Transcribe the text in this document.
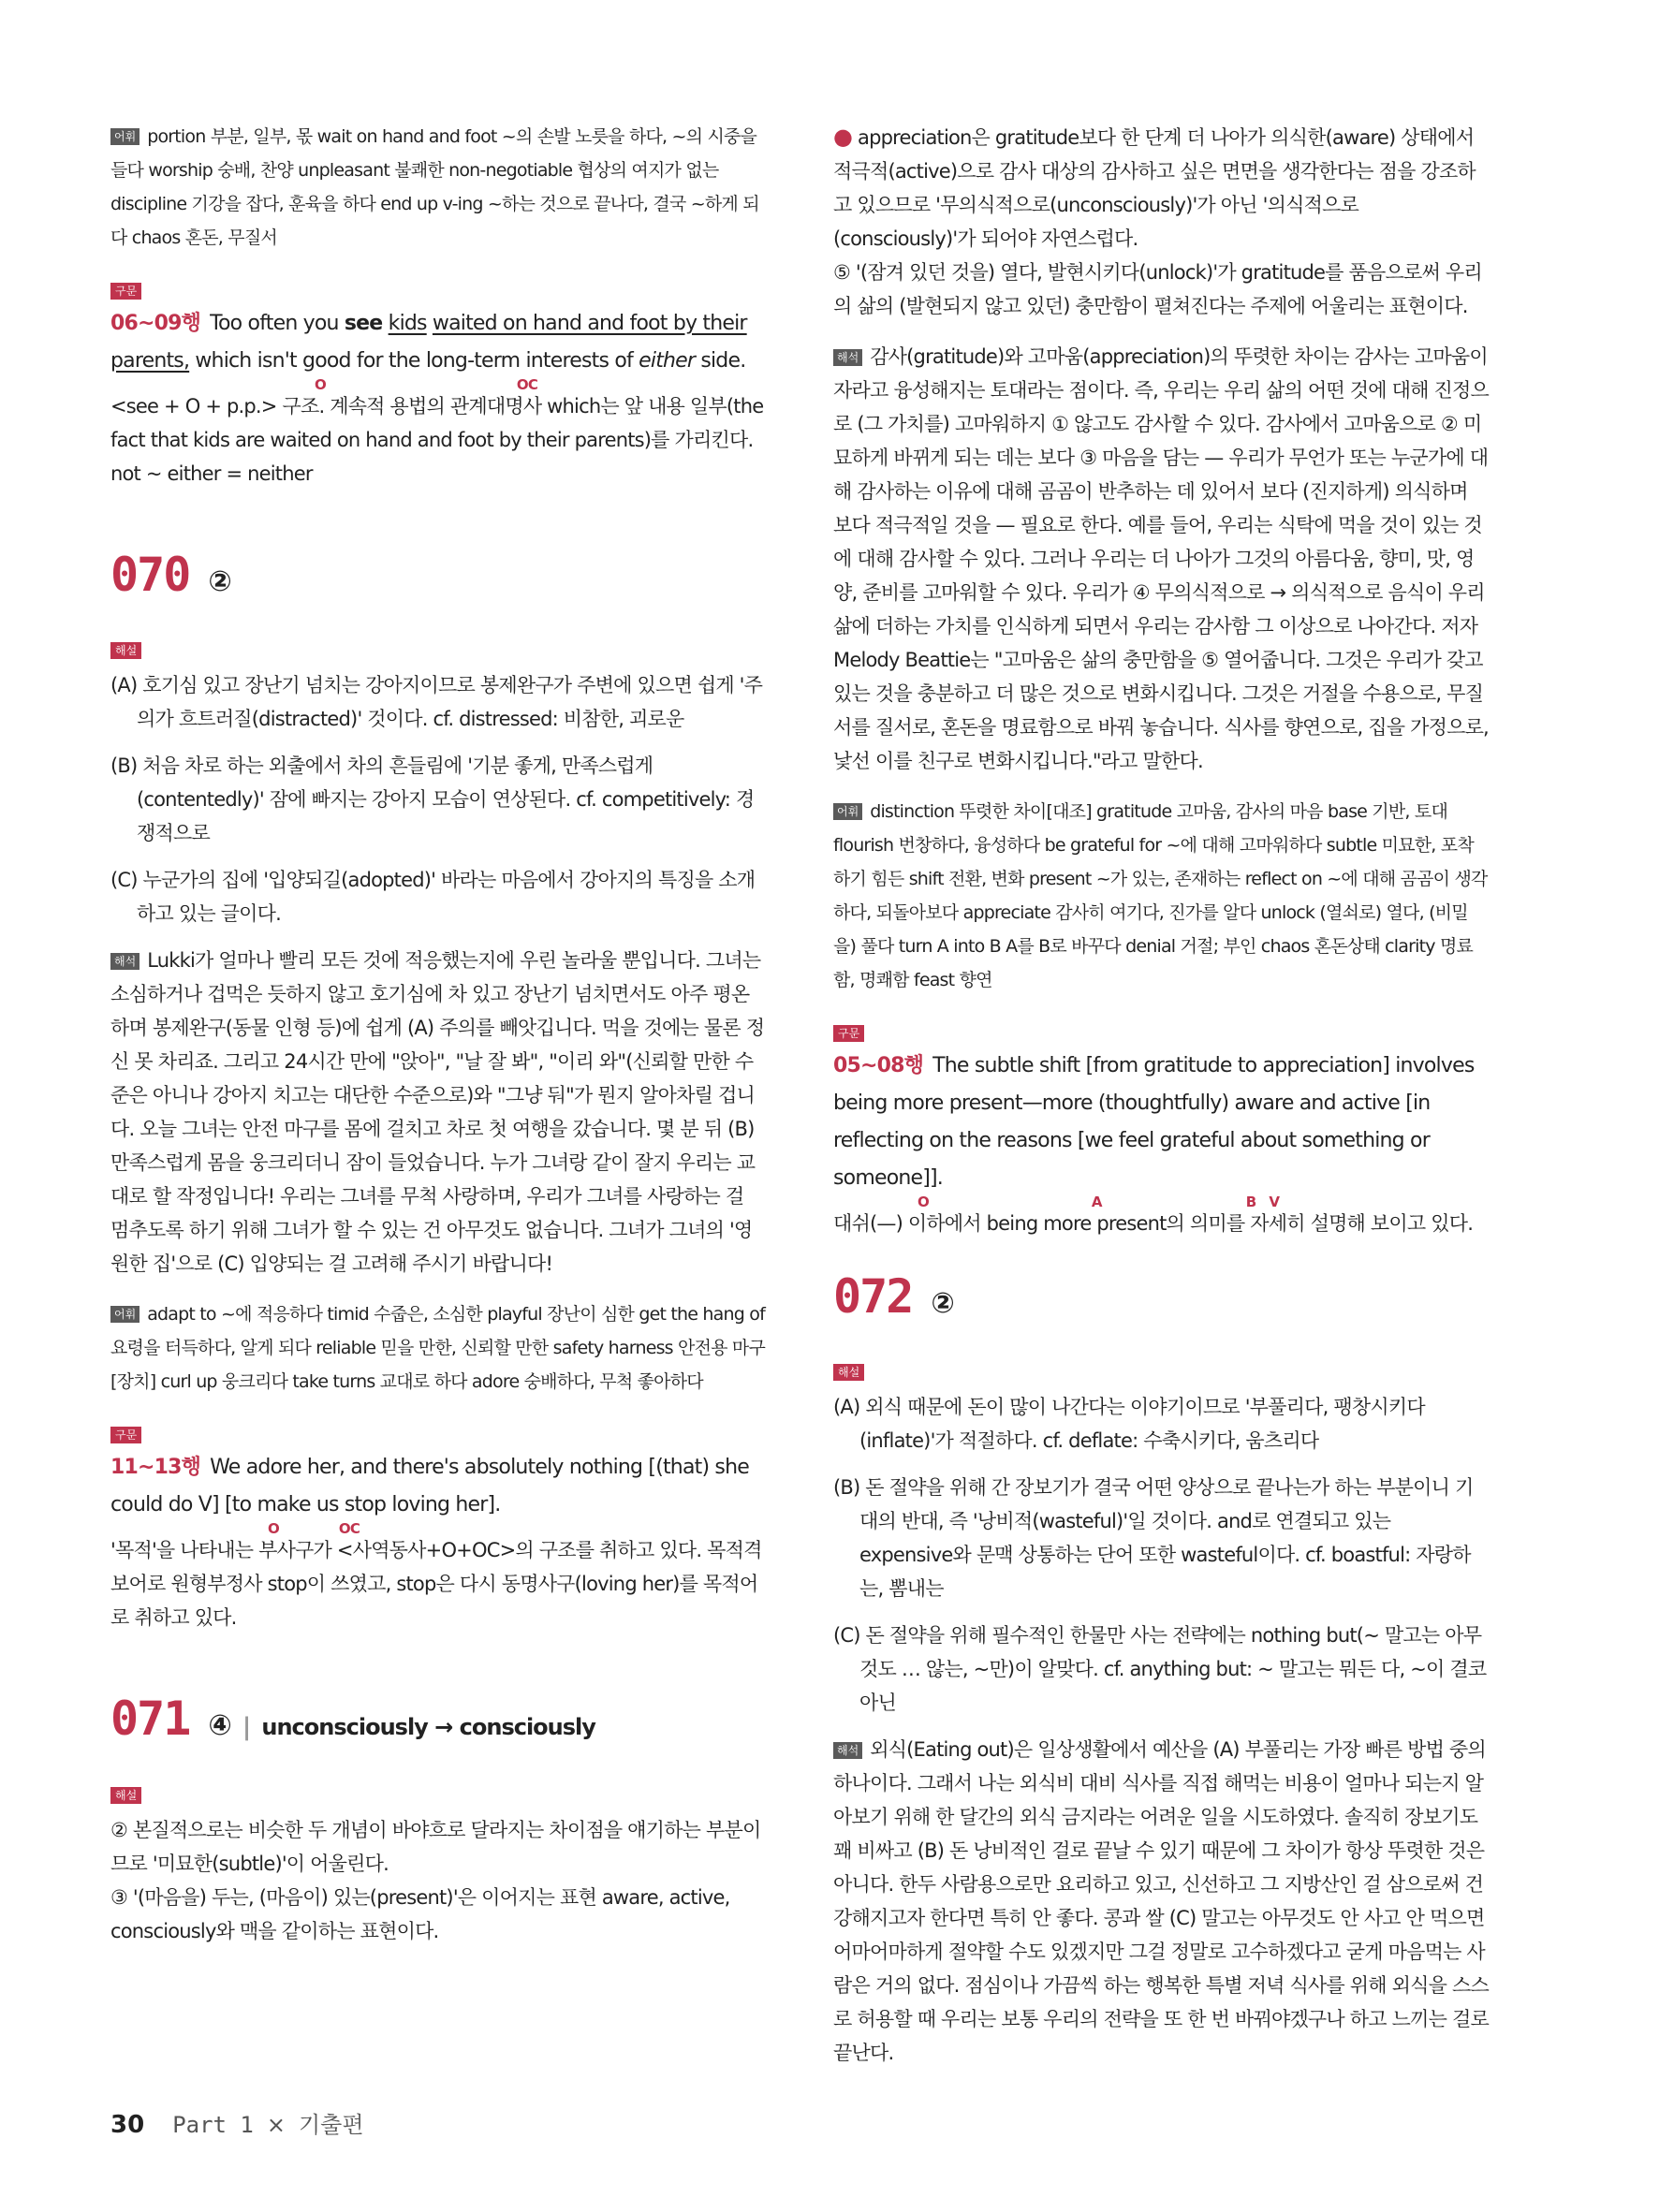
어휘 portion 부분, 일부, 몫 wait on hand and foot ~의 손발 노릇을 하다, ~의 시중을 들다 worship 숭배, 찬양 unpleasant 불쾌한 non-negotiable 협상의 여지가 없는 discipline 기강을 잡다, 훈육을 하다 end up v-ing ~하는 것으로 끝나다, 결국 ~하게 되다 chaos 혼돈, 무질서
구문
06~09행 Too often you see kids waited on hand and foot by their parents, which isn't good for the long-term interests of either side.
O	OC
<see + O + p.p.> 구조. 계속적 용법의 관계대명사 which는 앞 내용 일부(the fact that kids are waited on hand and foot by their parents)를 가리킨다. not ~ either = neither
070 ②
해설
(A) 호기심 있고 장난기 넘치는 강아지이므로 봉제완구가 주변에 있으면 쉽게 '주의가 흐트러질(distracted)' 것이다. cf. distressed: 비참한, 괴로운
(B) 처음 차로 하는 외출에서 차의 흔들림에 '기분 좋게, 만족스럽게(contentedly)' 잠에 빠지는 강아지 모습이 연상된다. cf. competitively: 경쟁적으로
(C) 누군가의 집에 '입양되길(adopted)' 바라는 마음에서 강아지의 특징을 소개하고 있는 글이다.
해석 Lukki가 얼마나 빨리 모든 것에 적응했는지에 우린 놀라울 뿐입니다. 그녀는 소심하거나 겁먹은 듯하지 않고 호기심에 차 있고 장난기 넘치면서도 아주 평온하며 봉제완구(동물 인형 등)에 쉽게 (A) 주의를 빼앗깁니다. 먹을 것에는 물론 정신 못 차리죠. 그리고 24시간 만에 "앉아", "날 잘 봐", "이리 와"(신뢰할 만한 수준은 아니나 강아지 치고는 대단한 수준으로)와 "그냥 둬"가 뭔지 알아차릴 겁니다. 오늘 그녀는 안전 마구를 몸에 걸치고 차로 첫 여행을 갔습니다. 몇 분 뒤 (B) 만족스럽게 몸을 웅크리더니 잠이 들었습니다. 누가 그녀랑 같이 잘지 우리는 교대로 할 작정입니다! 우리는 그녀를 무척 사랑하며, 우리가 그녀를 사랑하는 걸 멈추도록 하기 위해 그녀가 할 수 있는 건 아무것도 없습니다. 그녀가 그녀의 '영원한 집'으로 (C) 입양되는 걸 고려해 주시기 바랍니다!
어휘 adapt to ~에 적응하다 timid 수줍은, 소심한 playful 장난이 심한 get the hang of 요령을 터득하다, 알게 되다 reliable 믿을 만한, 신뢰할 만한 safety harness 안전용 마구[장치] curl up 웅크리다 take turns 교대로 하다 adore 숭배하다, 무척 좋아하다
구문
11~13행 We adore her, and there's absolutely nothing [(that) she could do V] [to make us stop loving her].
O	OC
'목적'을 나타내는 부사구가 <사역동사+O+OC>의 구조를 취하고 있다. 목적격보어로 원형부정사 stop이 쓰였고, stop은 다시 동명사구(loving her)를 목적어로 취하고 있다.
071 ④ | unconsciously → consciously
해설
② 본질적으로는 비슷한 두 개념이 바야흐로 달라지는 차이점을 얘기하는 부분이므로 '미묘한(subtle)'이 어울린다.
③ '(마음을) 두는, (마음이) 있는(present)'은 이어지는 표현 aware, active, consciously와 맥을 같이하는 표현이다.
● appreciation은 gratitude보다 한 단계 더 나아가 의식한(aware) 상태에서 적극적(active)으로 감사 대상의 감사하고 싶은 면면을 생각한다는 점을 강조하고 있으므로 '무의식적으로(unconsciously)'가 아닌 '의식적으로(consciously)'가 되어야 자연스럽다.
⑤ '(잠겨 있던 것을) 열다, 발현시키다(unlock)'가 gratitude를 품음으로써 우리의 삶의 (발현되지 않고 있던) 충만함이 펼쳐진다는 주제에 어울리는 표현이다.
해석 감사(gratitude)와 고마움(appreciation)의 뚜렷한 차이는 감사는 고마움이 자라고 융성해지는 토대라는 점이다. 즉, 우리는 우리 삶의 어떤 것에 대해 진정으로 (그 가치를) 고마워하지 ① 않고도 감사할 수 있다. 감사에서 고마움으로 ② 미묘하게 바뀌게 되는 데는 보다 ③ 마음을 담는 — 우리가 무언가 또는 누군가에 대해 감사하는 이유에 대해 곰곰이 반추하는 데 있어서 보다 (진지하게) 의식하며 보다 적극적일 것을 — 필요로 한다. 예를 들어, 우리는 식탁에 먹을 것이 있는 것에 대해 감사할 수 있다. 그러나 우리는 더 나아가 그것의 아름다움, 향미, 맛, 영양, 준비를 고마워할 수 있다. 우리가 ④ 무의식적으로 → 의식적으로 음식이 우리 삶에 더하는 가치를 인식하게 되면서 우리는 감사함 그 이상으로 나아간다. 저자 Melody Beattie는 "고마움은 삶의 충만함을 ⑤ 열어줍니다. 그것은 우리가 갖고 있는 것을 충분하고 더 많은 것으로 변화시킵니다. 그것은 거절을 수용으로, 무질서를 질서로, 혼돈을 명료함으로 바꿔 놓습니다. 식사를 향연으로, 집을 가정으로, 낯선 이를 친구로 변화시킵니다."라고 말한다.
어휘 distinction 뚜렷한 차이[대조] gratitude 고마움, 감사의 마음 base 기반, 토대 flourish 번창하다, 융성하다 be grateful for ~에 대해 고마워하다 subtle 미묘한, 포착하기 힘든 shift 전환, 변화 present ~가 있는, 존재하는 reflect on ~에 대해 곰곰이 생각하다, 되돌아보다 appreciate 감사히 여기다, 진가를 알다 unlock (열쇠로) 열다, (비밀을) 풀다 turn A into B A를 B로 바꾸다 denial 거절; 부인 chaos 혼돈상태 clarity 명료함, 명쾌함 feast 향연
구문
05~08행 The subtle shift [from gratitude to appreciation] involves being more present—more (thoughtfully) aware and active [in reflecting on the reasons [we feel grateful about something or someone]].
O	A	B V
대쉬(—) 이하에서 being more present의 의미를 자세히 설명해 보이고 있다.
072 ②
해설
(A) 외식 때문에 돈이 많이 나간다는 이야기이므로 '부풀리다, 팽창시키다(inflate)'가 적절하다. cf. deflate: 수축시키다, 움츠리다
(B) 돈 절약을 위해 간 장보기가 결국 어떤 양상으로 끝나는가 하는 부분이니 기대의 반대, 즉 '낭비적(wasteful)'일 것이다. and로 연결되고 있는 expensive와 문맥 상통하는 단어 또한 wasteful이다. cf. boastful: 자랑하는, 뽐내는
(C) 돈 절약을 위해 필수적인 한물만 사는 전략에는 nothing but(~ 말고는 아무것도 … 않는, ~만)이 알맞다. cf. anything but: ~ 말고는 뭐든 다, ~이 결코 아닌
해석 외식(Eating out)은 일상생활에서 예산을 (A) 부풀리는 가장 빠른 방법 중의 하나이다. 그래서 나는 외식비 대비 식사를 직접 해먹는 비용이 얼마나 되는지 알아보기 위해 한 달간의 외식 금지라는 어려운 일을 시도하였다. 솔직히 장보기도 꽤 비싸고 (B) 돈 낭비적인 걸로 끝날 수 있기 때문에 그 차이가 항상 뚜렷한 것은 아니다. 한두 사람용으로만 요리하고 있고, 신선하고 그 지방산인 걸 삼으로써 건강해지고자 한다면 특히 안 좋다. 콩과 쌀 (C) 말고는 아무것도 안 사고 안 먹으면 어마어마하게 절약할 수도 있겠지만 그걸 정말로 고수하겠다고 굳게 마음먹는 사람은 거의 없다. 점심이나 가끔씩 하는 행복한 특별 저녁 식사를 위해 외식을 스스로 허용할 때 우리는 보통 우리의 전략을 또 한 번 바꿔야겠구나 하고 느끼는 걸로 끝난다.
30 Part 1 × 기출편
